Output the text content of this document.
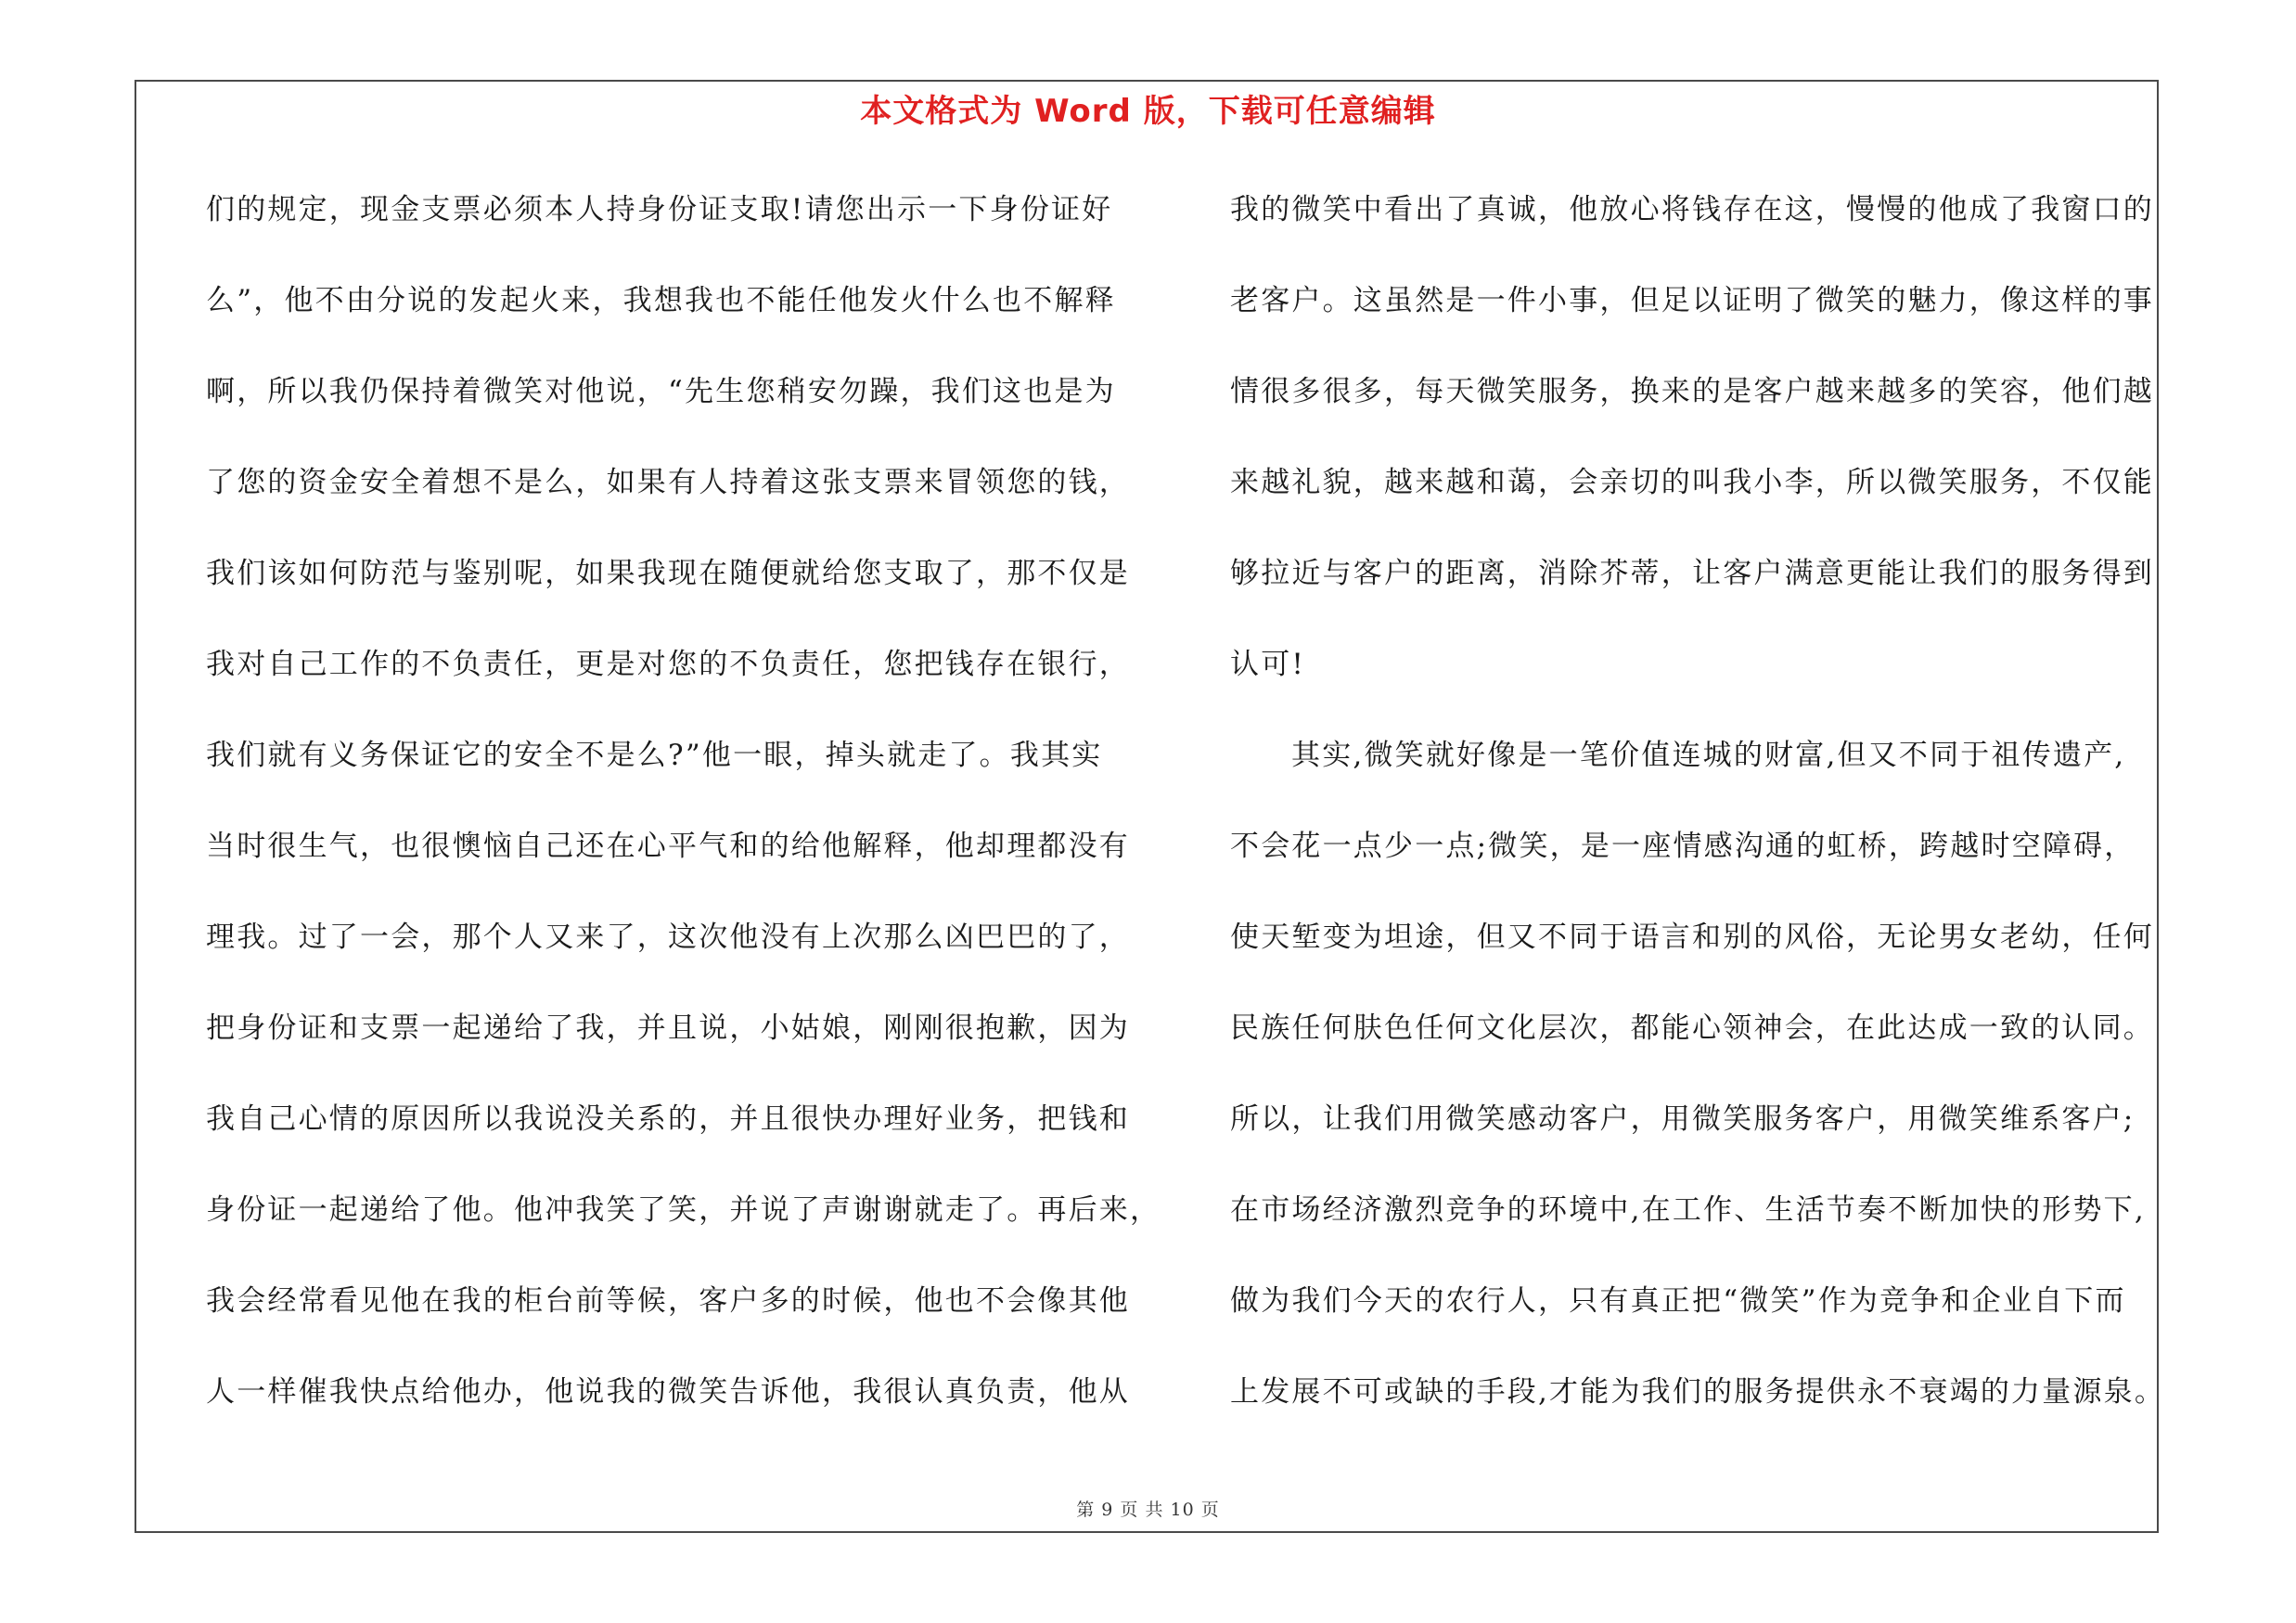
本文格式为 Word 版，下载可任意编辑
们的规定，现金支票必须本人持身份证支取!请您出示一下身份证好
么”，他不由分说的发起火来，我想我也不能任他发火什么也不解释
啊，所以我仍保持着微笑对他说，“先生您稍安勿躁，我们这也是为
了您的资金安全着想不是么，如果有人持着这张支票来冒领您的钱，
我们该如何防范与鉴别呢，如果我现在随便就给您支取了，那不仅是
我对自己工作的不负责任，更是对您的不负责任，您把钱存在银行，
我们就有义务保证它的安全不是么?”他一眼，掉头就走了。我其实
当时很生气，也很懊恼自己还在心平气和的给他解释，他却理都没有
理我。过了一会，那个人又来了，这次他没有上次那么凶巴巴的了，
把身份证和支票一起递给了我，并且说，小姑娘，刚刚很抱歉，因为
我自己心情的原因所以我说没关系的，并且很快办理好业务，把钱和
身份证一起递给了他。他冲我笑了笑，并说了声谢谢就走了。再后来，
我会经常看见他在我的柜台前等候，客户多的时候，他也不会像其他
人一样催我快点给他办，他说我的微笑告诉他，我很认真负责，他从
我的微笑中看出了真诚，他放心将钱存在这，慢慢的他成了我窗口的
老客户。这虽然是一件小事，但足以证明了微笑的魅力，像这样的事
情很多很多，每天微笑服务，换来的是客户越来越多的笑容，他们越
来越礼貌，越来越和蔼，会亲切的叫我小李，所以微笑服务，不仅能
够拉近与客户的距离，消除芥蒂，让客户满意更能让我们的服务得到
认可!
其实,微笑就好像是一笔价值连城的财富,但又不同于祖传遗产,
不会花一点少一点;微笑，是一座情感沟通的虹桥，跨越时空障碍，
使天堑变为坦途，但又不同于语言和别的风俗，无论男女老幼，任何
民族任何肤色任何文化层次，都能心领神会，在此达成一致的认同。
所以，让我们用微笑感动客户，用微笑服务客户，用微笑维系客户;
在市场经济激烈竞争的环境中,在工作、生活节奏不断加快的形势下,
做为我们今天的农行人，只有真正把“微笑”作为竞争和企业自下而
上发展不可或缺的手段,才能为我们的服务提供永不衰竭的力量源泉。
第 9 页 共 10 页
